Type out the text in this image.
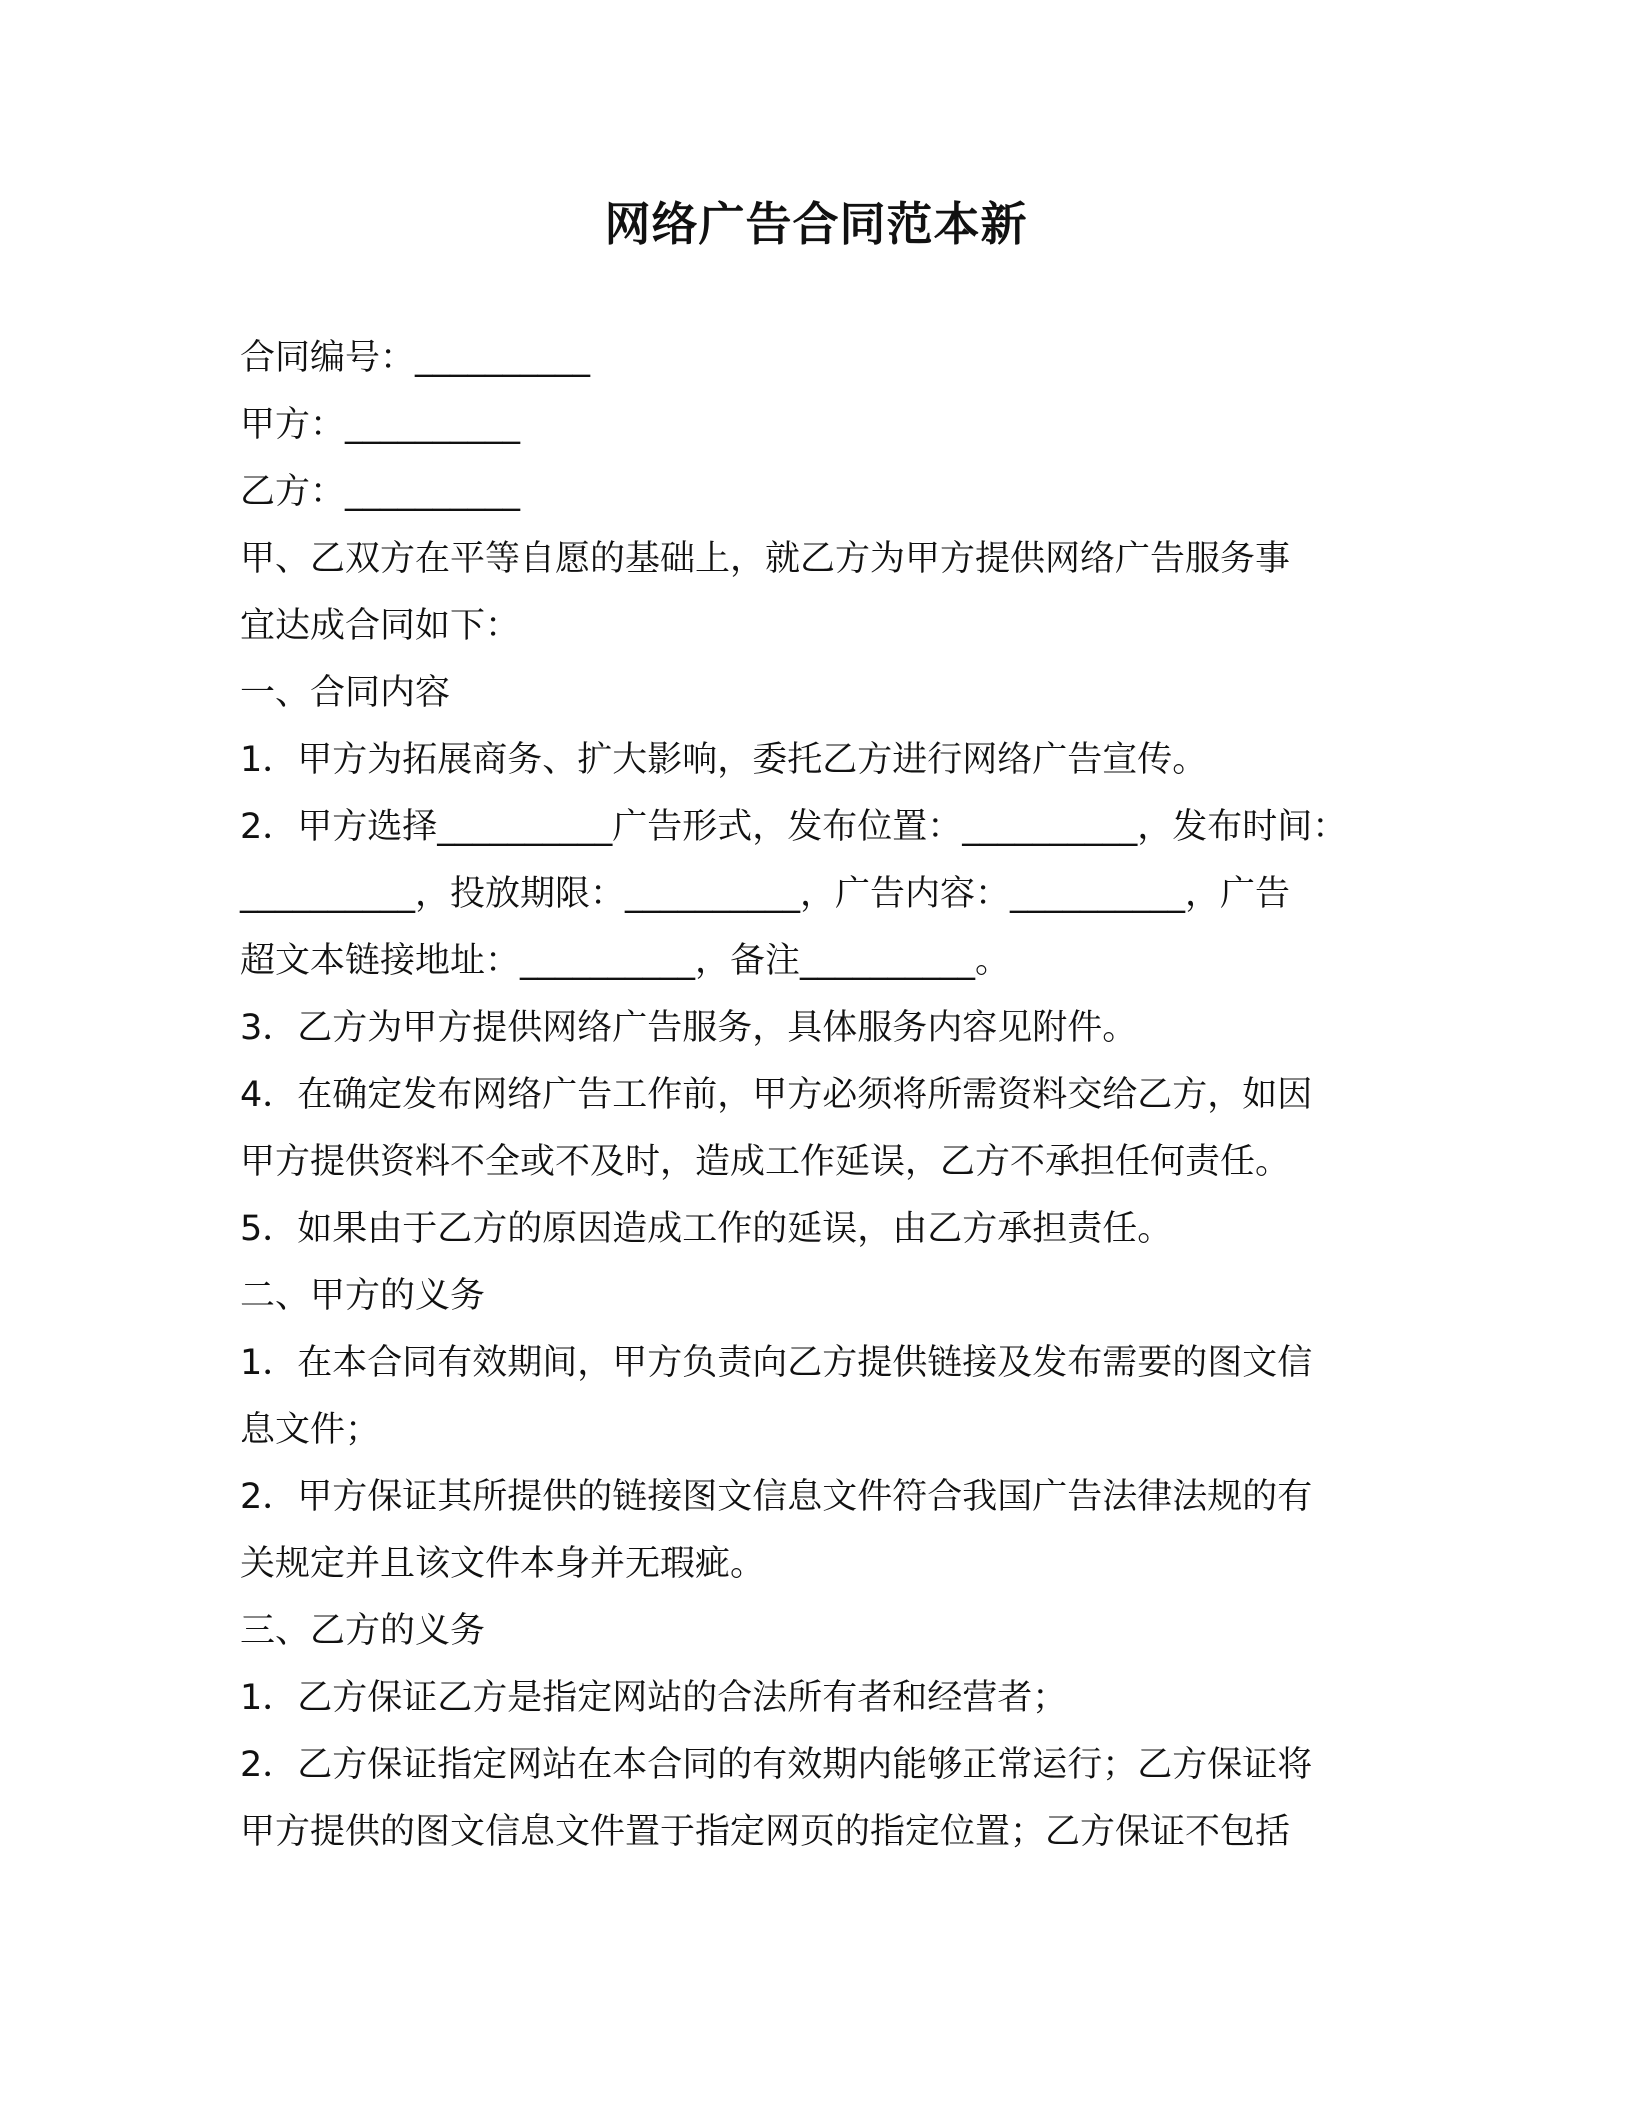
网络广告合同范本新
合同编号：__________
甲方：__________
乙方：__________
甲、乙双方在平等自愿的基础上，就乙方为甲方提供网络广告服务事
宜达成合同如下：
一、合同内容
1．甲方为拓展商务、扩大影响，委托乙方进行网络广告宣传。
2．甲方选择__________广告形式，发布位置：__________，发布时间：
__________，投放期限：__________，广告内容：__________，广告
超文本链接地址：__________，备注__________。
3．乙方为甲方提供网络广告服务，具体服务内容见附件。
4．在确定发布网络广告工作前，甲方必须将所需资料交给乙方，如因
甲方提供资料不全或不及时，造成工作延误，乙方不承担任何责任。
5．如果由于乙方的原因造成工作的延误，由乙方承担责任。
二、甲方的义务
1．在本合同有效期间，甲方负责向乙方提供链接及发布需要的图文信
息文件；
2．甲方保证其所提供的链接图文信息文件符合我国广告法律法规的有
关规定并且该文件本身并无瑕疵。
三、乙方的义务
1．乙方保证乙方是指定网站的合法所有者和经营者；
2．乙方保证指定网站在本合同的有效期内能够正常运行；乙方保证将
甲方提供的图文信息文件置于指定网页的指定位置；乙方保证不包括
